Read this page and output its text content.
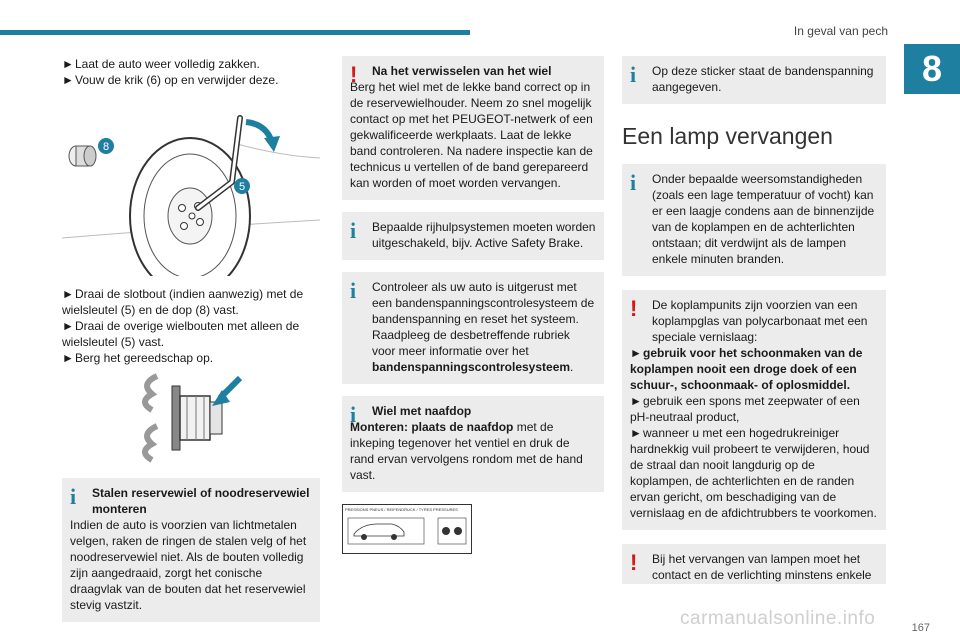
In geval van pech
8

►Laat de auto weer volledig zakken.

►Vouw de krik (6) op en verwijder deze.

8
5

►Draai de slotbout (indien aanwezig) met de wielsleutel (5) en de dop (8) vast.

►Draai de overige wielbouten met alleen de wielsleutel (5) vast.

►Berg het gereedschap op.

i	Stalen reservewiel of noodreservewiel monteren

Indien de auto is voorzien van lichtmetalen velgen, raken de ringen de stalen velg of het noodreservewiel niet. Als de bouten volledig zijn aangedraaid, zorgt het conische draagvlak van de bouten dat het reservewiel stevig vastzit.

!	Na het verwisselen van het wiel

Berg het wiel met de lekke band correct op in de reservewielhouder. Neem zo snel mogelijk contact op met het PEUGEOT-netwerk of een gekwalificeerde werkplaats. Laat de lekke band controleren. Na nadere inspectie kan de technicus u vertellen of de band gerepareerd kan worden of moet worden vervangen.

i	Bepaalde rijhulpsystemen moeten worden uitgeschakeld, bijv. Active Safety Brake.

i	Controleer als uw auto is uitgerust met een bandenspanningscontrolesysteem de bandenspanning en reset het systeem. Raadpleeg de desbetreffende rubriek voor meer informatie over het bandenspanningscontrolesysteem.

i	Wiel met naafdop

Monteren: plaats de naafdop met de inkeping tegenover het ventiel en druk de rand ervan vervolgens rondom met de hand vast.

PRESSIONS PNEUS / REIFENDRUCK / TYRES PRESSURES
i	Op deze sticker staat de bandenspanning aangegeven.

Een lamp vervangen
i	Onder bepaalde weersomstandigheden (zoals een lage temperatuur of vocht) kan er een laagje condens aan de binnenzijde van de koplampen en de achterlichten ontstaan; dit verdwijnt als de lampen enkele minuten branden.

!	De koplampunits zijn voorzien van een koplampglas van polycarbonaat met een speciale vernislaag:

►gebruik voor het schoonmaken van de koplampen nooit een droge doek of een schuur-, schoonmaak- of oplosmiddel.

►gebruik een spons met zeepwater of een pH-neutraal product,

►wanneer u met een hogedrukreiniger hardnekkig vuil probeert te verwijderen, houd de straal dan nooit langdurig op de koplampen, de achterlichten en de randen ervan gericht, om beschadiging van de vernislaag en de afdichtrubbers te voorkomen.

!	Bij het vervangen van lampen moet het contact en de verlichting minstens enkele

carmanualsonline.info	167
